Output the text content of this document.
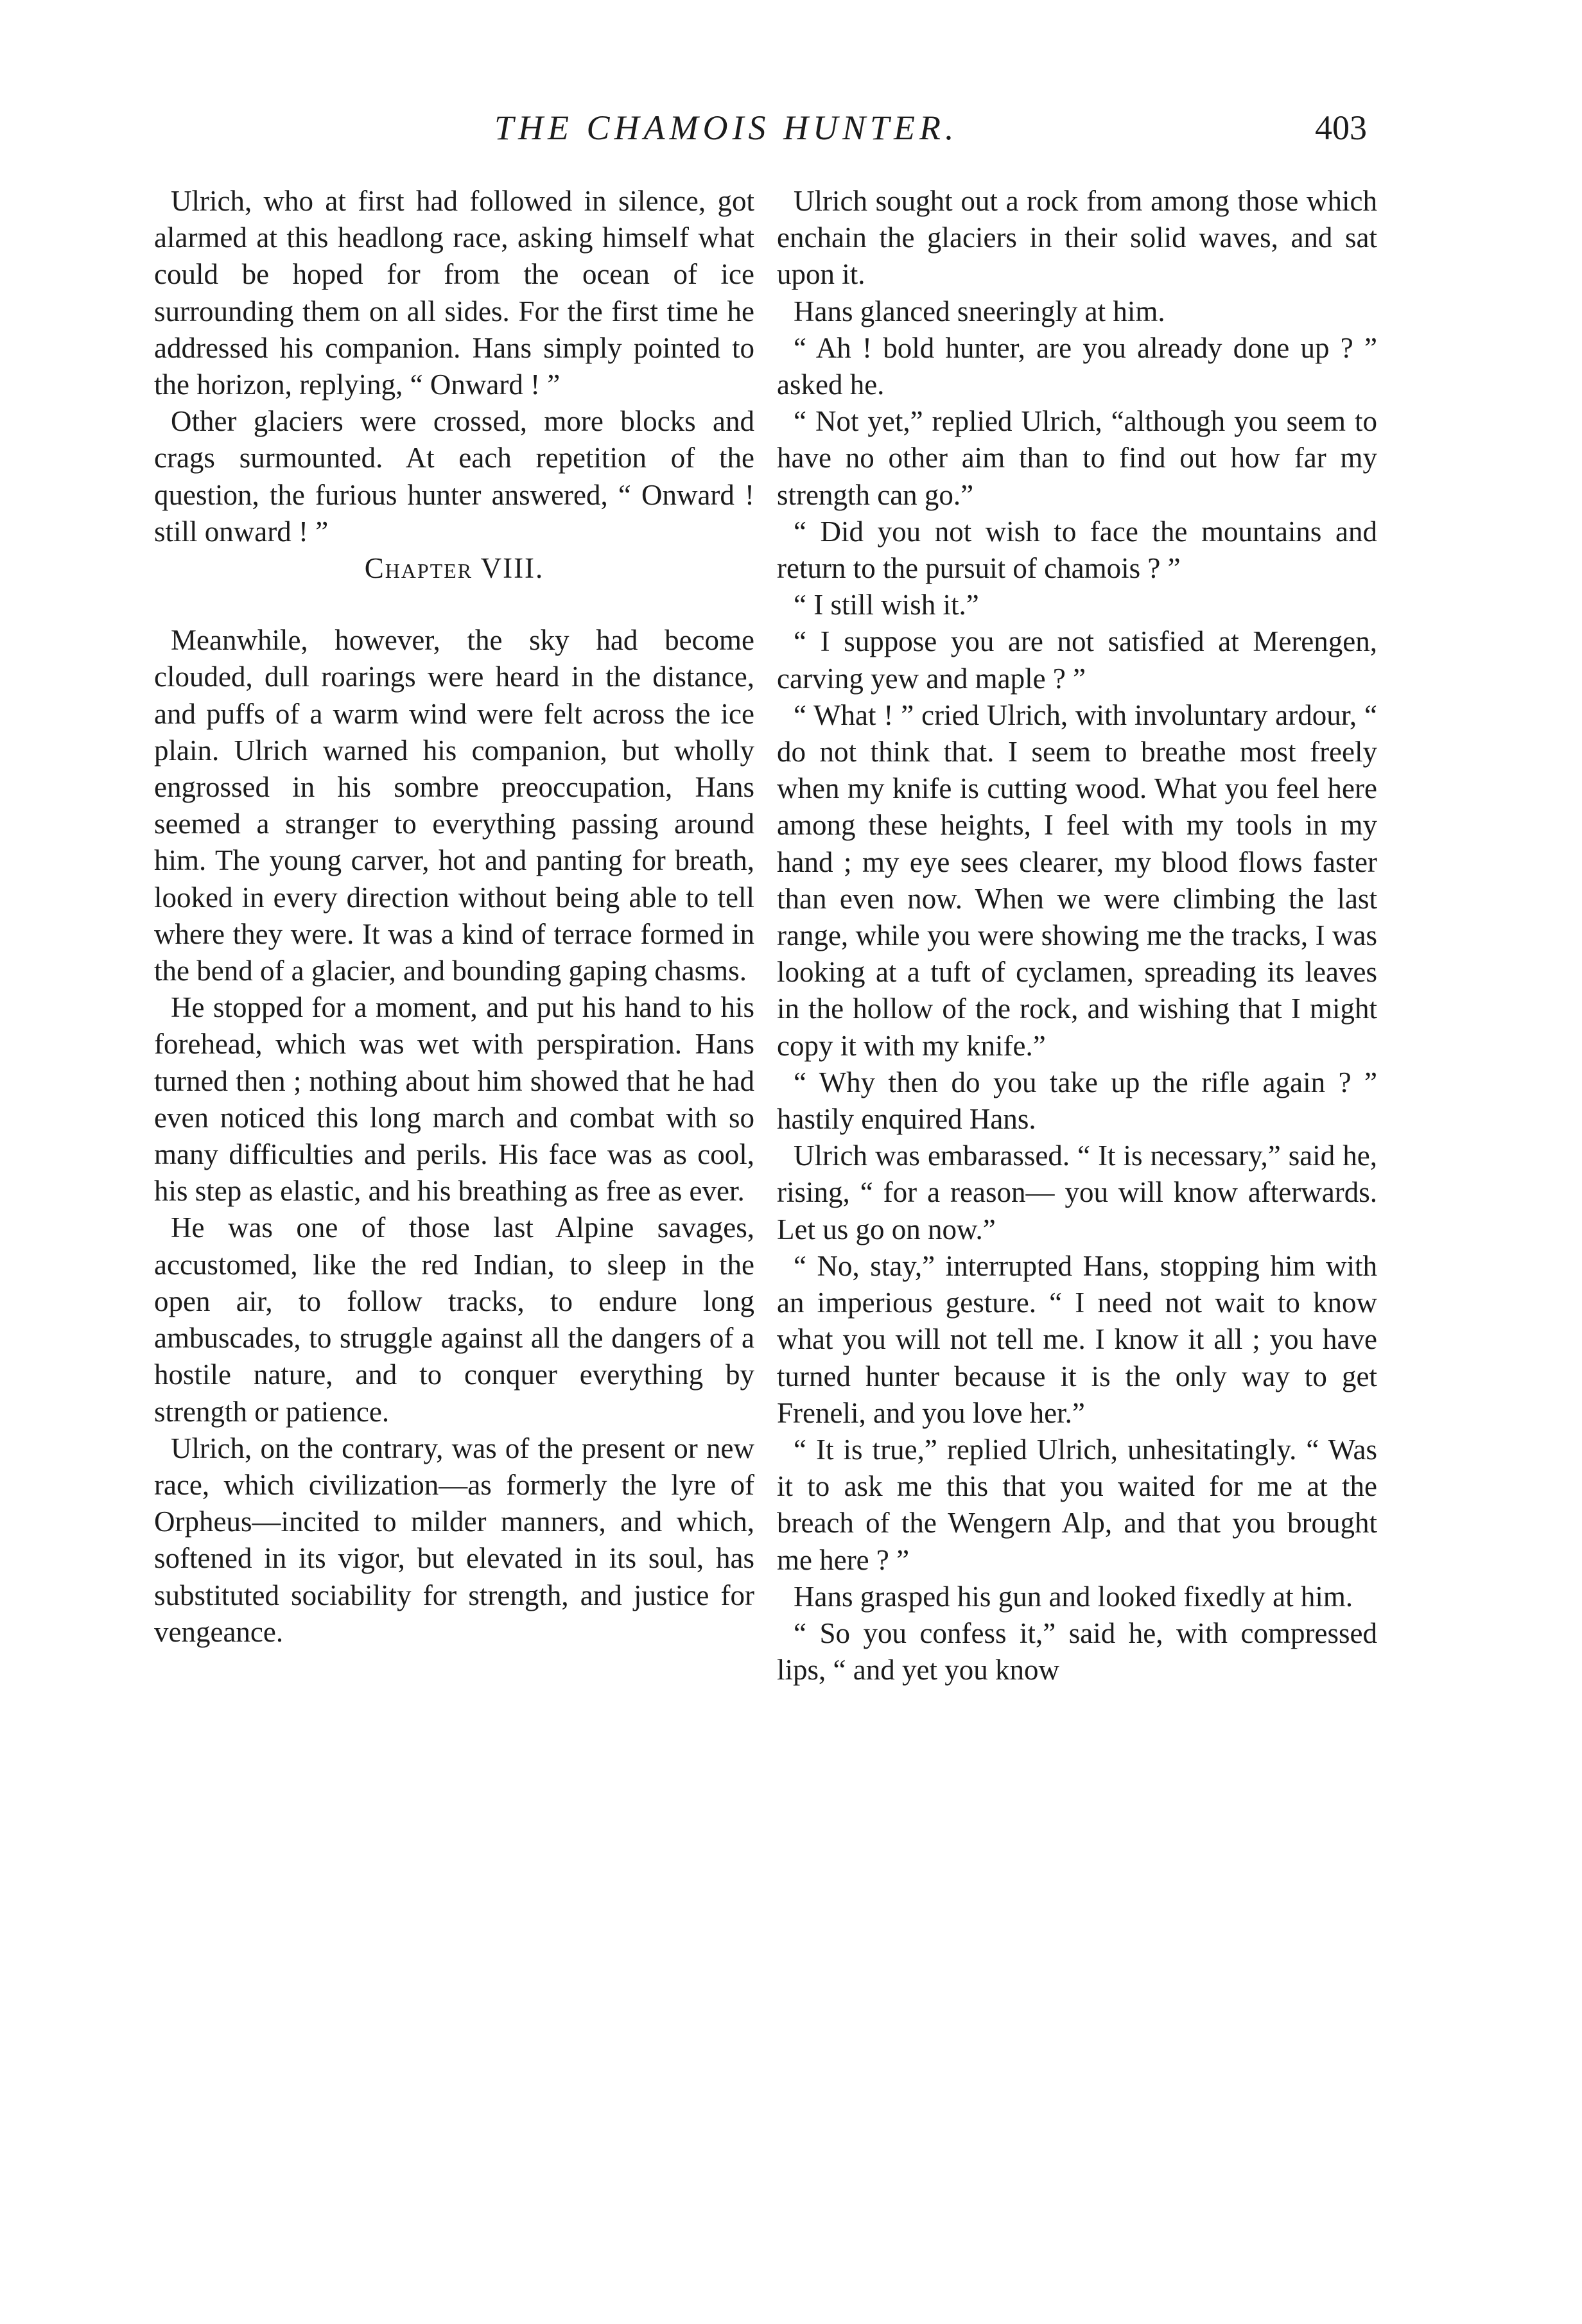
THE CHAMOIS HUNTER.	403

Ulrich, who at first had followed in silence, got alarmed at this headlong race, asking himself what could be hoped for from the ocean of ice surrounding them on all sides. For the first time he addressed his companion. Hans simply pointed to the horizon, replying, “ Onward ! ”

Other glaciers were crossed, more blocks and crags surmounted. At each repetition of the question, the furious hunter answered, “ Onward ! still onward ! ”

Chapter VIII.

Meanwhile, however, the sky had become clouded, dull roarings were heard in the distance, and puffs of a warm wind were felt across the ice plain. Ulrich warned his companion, but wholly engrossed in his sombre preoccupation, Hans seemed a stranger to everything passing around him. The young carver, hot and panting for breath, looked in every direction without being able to tell where they were. It was a kind of terrace formed in the bend of a glacier, and bounding gaping chasms.

He stopped for a moment, and put his hand to his forehead, which was wet with perspiration. Hans turned then ; nothing about him showed that he had even noticed this long march and combat with so many difficulties and perils. His face was as cool, his step as elastic, and his breathing as free as ever.

He was one of those last Alpine savages, accustomed, like the red Indian, to sleep in the open air, to follow tracks, to endure long ambuscades, to struggle against all the dangers of a hostile nature, and to conquer everything by strength or patience.

Ulrich, on the contrary, was of the present or new race, which civilization—as formerly the lyre of Orpheus—incited to milder manners, and which, softened in its vigor, but elevated in its soul, has substituted sociability for strength, and justice for vengeance.

Ulrich sought out a rock from among those which enchain the glaciers in their solid waves, and sat upon it.

Hans glanced sneeringly at him.

“ Ah ! bold hunter, are you already done up ? ” asked he.

“ Not yet,” replied Ulrich, “although you seem to have no other aim than to find out how far my strength can go.”

“ Did you not wish to face the mountains and return to the pursuit of chamois ? ”

“ I still wish it.”

“ I suppose you are not satisfied at Merengen, carving yew and maple ? ”

“ What ! ” cried Ulrich, with involuntary ardour, “ do not think that. I seem to breathe most freely when my knife is cutting wood. What you feel here among these heights, I feel with my tools in my hand ; my eye sees clearer, my blood flows faster than even now. When we were climbing the last range, while you were showing me the tracks, I was looking at a tuft of cyclamen, spreading its leaves in the hollow of the rock, and wishing that I might copy it with my knife.”

“ Why then do you take up the rifle again ? ” hastily enquired Hans.

Ulrich was embarassed. “ It is necessary,” said he, rising, “ for a reason— you will know afterwards. Let us go on now.”

“ No, stay,” interrupted Hans, stopping him with an imperious gesture. “ I need not wait to know what you will not tell me. I know it all ; you have turned hunter because it is the only way to get Freneli, and you love her.”

“ It is true,” replied Ulrich, unhesitatingly. “ Was it to ask me this that you waited for me at the breach of the Wengern Alp, and that you brought me here ? ”

Hans grasped his gun and looked fixedly at him.

“ So you confess it,” said he, with compressed lips, “ and yet you know
